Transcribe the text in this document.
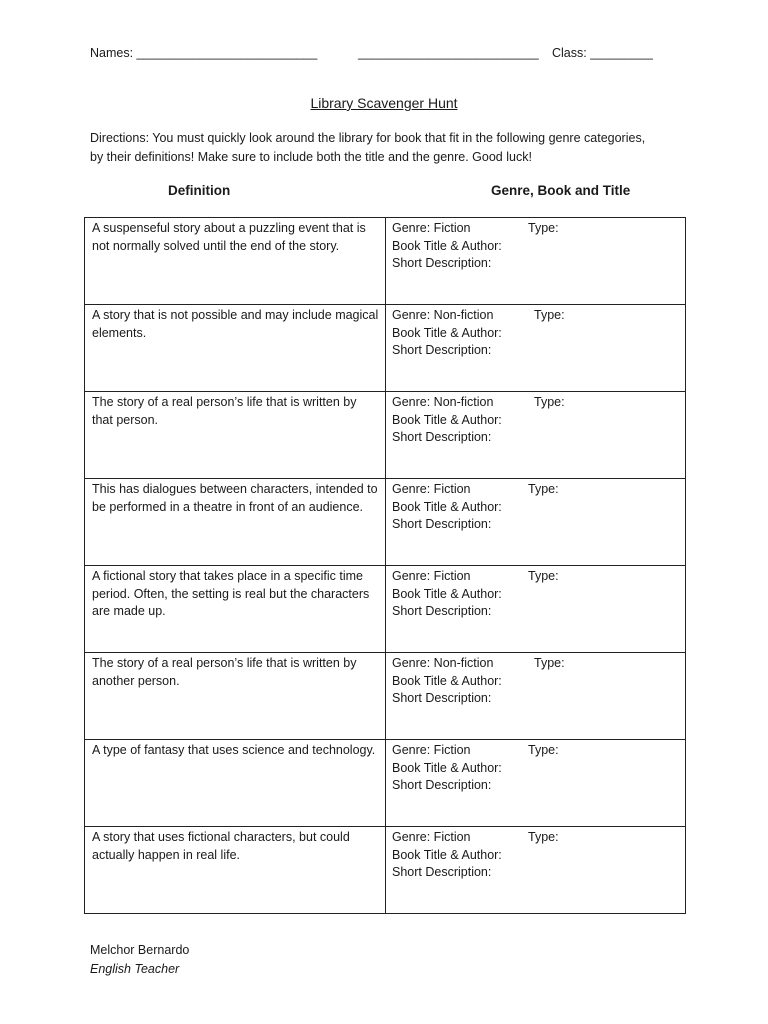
Names: __________________________	__________________________ Class: _________
Library Scavenger Hunt
Directions: You must quickly look around the library for book that fit in the following genre categories,
by their definitions! Make sure to include both the title and the genre. Good luck!
Definition	Genre, Book and Title
A suspenseful story about a puzzling event that is not normally solved until the end of the story.	Genre: Fiction Type:
Book Title & Author:
Short Description:

A story that is not possible and may include magical elements.	Genre: Non-fiction Type:
Book Title & Author:
Short Description:

The story of a real person’s life that is written by that person.	Genre: Non-fiction Type:
Book Title & Author:
Short Description:

This has dialogues between characters, intended to be performed in a theatre in front of an audience.	Genre: Fiction Type:
Book Title & Author:
Short Description:

A fictional story that takes place in a specific time period. Often, the setting is real but the characters are made up.	Genre: Fiction Type:
Book Title & Author:
Short Description:

The story of a real person’s life that is written by another person.	Genre: Non-fiction Type:
Book Title & Author:
Short Description:

A type of fantasy that uses science and technology.	Genre: Fiction Type:
Book Title & Author:
Short Description:

A story that uses fictional characters, but could actually happen in real life.	Genre: Fiction Type:
Book Title & Author:
Short Description:
Melchor Bernardo
English Teacher
